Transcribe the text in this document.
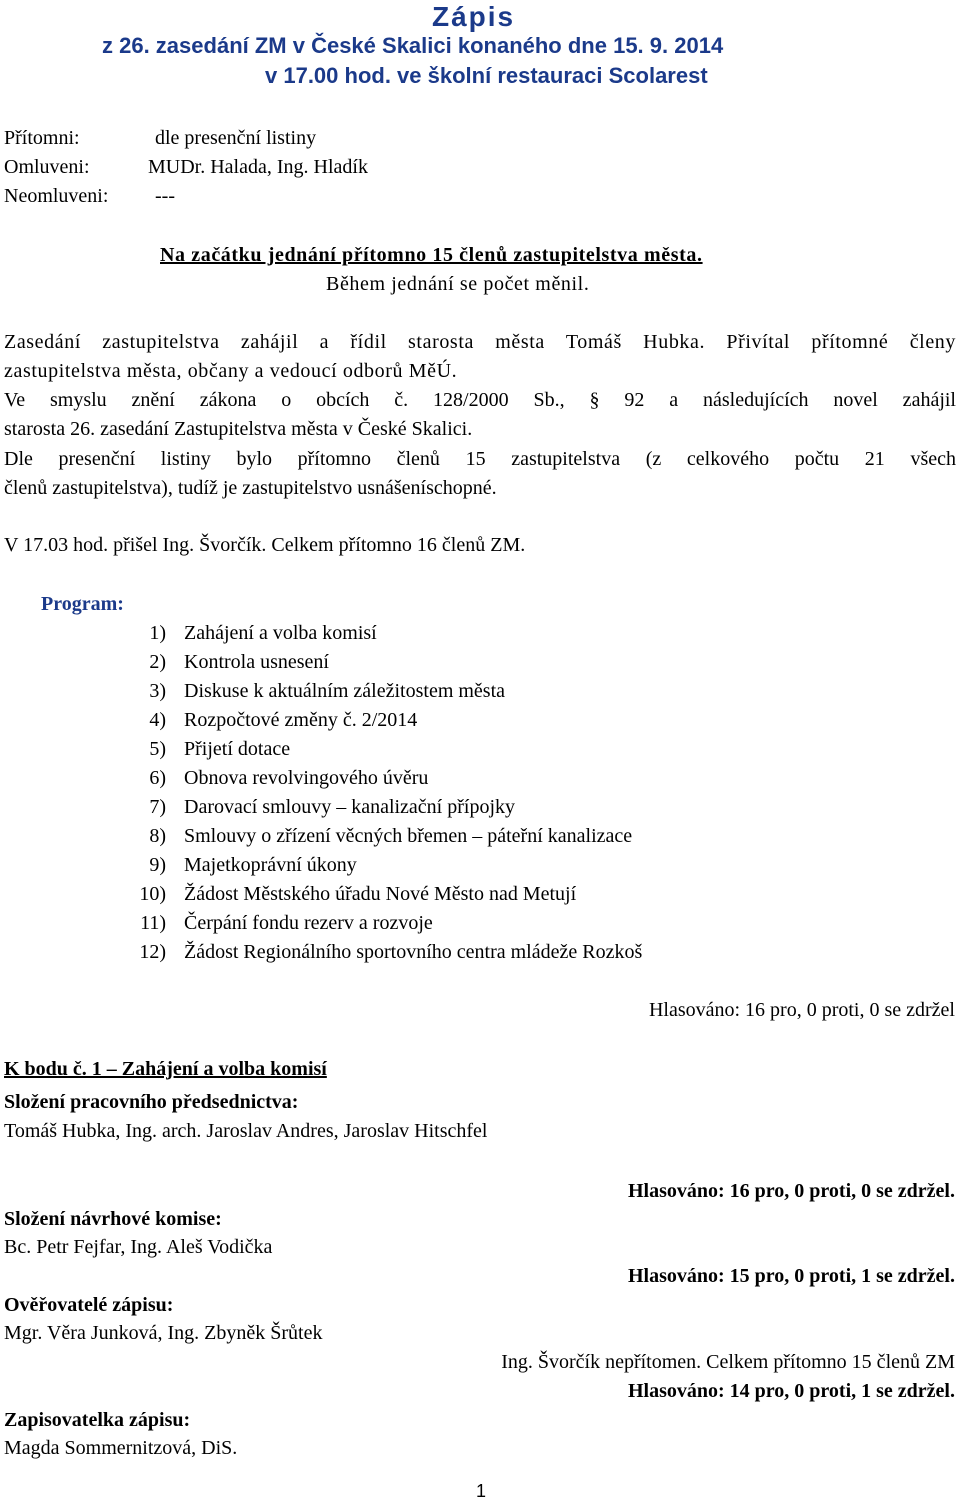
Zápis
z 26. zasedání ZM v České Skalici konaného dne 15. 9. 2014
v 17.00 hod. ve školní restauraci Scolarest
Přítomni:	dle presenční listiny
Omluveni:	MUDr. Halada, Ing. Hladík
Neomluveni: ---
Na začátku jednání přítomno 15 členů zastupitelstva města.
Během jednání se počet měnil.
Zasedání zastupitelstva zahájil a řídil starosta města Tomáš Hubka. Přivítal přítomné členy
zastupitelstva města, občany a vedoucí odborů MěÚ.
Ve smyslu znění zákona o obcích č. 128/2000 Sb., § 92 a následujících novel zahájil
starosta 26. zasedání Zastupitelstva města v České Skalici.
Dle presenční listiny bylo přítomno členů 15 zastupitelstva (z celkového počtu 21 všech
členů zastupitelstva), tudíž je zastupitelstvo usnášeníschopné.
V 17.03 hod. přišel Ing. Švorčík. Celkem přítomno 16 členů ZM.
Program:
1) Zahájení a volba komisí
2) Kontrola usnesení
3) Diskuse k aktuálním záležitostem města
4) Rozpočtové změny č. 2/2014
5) Přijetí dotace
6) Obnova revolvingového úvěru
7) Darovací smlouvy – kanalizační přípojky
8) Smlouvy o zřízení věcných břemen – páteřní kanalizace
9) Majetkoprávní úkony
10) Žádost Městského úřadu Nové Město nad Metují
11) Čerpání fondu rezerv a rozvoje
12) Žádost Regionálního sportovního centra mládeže Rozkoš
Hlasováno: 16 pro, 0 proti, 0 se zdržel
K bodu č. 1 – Zahájení a volba komisí
Složení pracovního předsednictva:
Tomáš Hubka, Ing. arch. Jaroslav Andres, Jaroslav Hitschfel
Hlasováno: 16 pro, 0 proti, 0 se zdržel.
Složení návrhové komise:
Bc. Petr Fejfar, Ing. Aleš Vodička
Hlasováno: 15 pro, 0 proti, 1 se zdržel.
Ověřovatelé zápisu:
Mgr. Věra Junková, Ing. Zbyněk Šrůtek
Ing. Švorčík nepřítomen. Celkem přítomno 15 členů ZM
Hlasováno: 14 pro, 0 proti, 1 se zdržel.
Zapisovatelka zápisu:
Magda Sommernitzová, DiS.
1
